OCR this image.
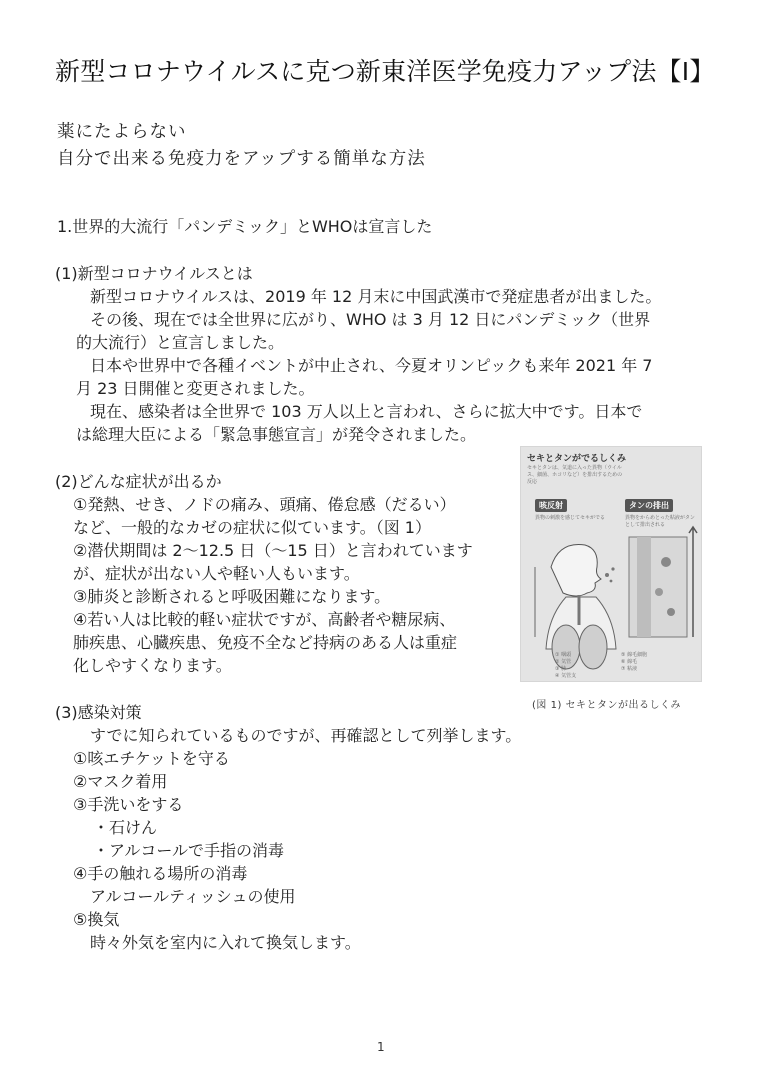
新型コロナウイルスに克つ新東洋医学免疫力アップ法【Ⅰ】
薬にたよらない
自分で出来る免疫力をアップする簡単な方法
1.世界的大流行「パンデミック」とWHOは宣言した
(1)新型コロナウイルスとは
新型コロナウイルスは、2019 年 12 月末に中国武漢市で発症患者が出ました。
その後、現在では全世界に広がり、WHO は 3 月 12 日にパンデミック（世界
的大流行）と宣言しました。
日本や世界中で各種イベントが中止され、今夏オリンピックも来年 2021 年 7
月 23 日開催と変更されました。
現在、感染者は全世界で 103 万人以上と言われ、さらに拡大中です。日本で
は総理大臣による「緊急事態宣言」が発令されました。
(2)どんな症状が出るか
①発熱、せき、ノドの痛み、頭痛、倦怠感（だるい）
など、一般的なカゼの症状に似ています。（図 1）
②潜伏期間は 2～12.5 日（～15 日）と言われています
が、症状が出ない人や軽い人もいます。
③肺炎と診断されると呼吸困難になります。
④若い人は比較的軽い症状ですが、高齢者や糖尿病、
肺疾患、心臓疾患、免疫不全など持病のある人は重症
化しやすくなります。
セキとタンがでるしくみ
セキとタンは、気道に入った異物（ウイルス、細菌、ホコリなど）を排出するための反応
咳反射	タンの排出
異物の刺激を感じてセキがでる	異物をからめとった粘液がタンとして排出される
① 咽頭
② 気管
③ 肺
④ 気管支
⑤ 線毛細胞
⑥ 線毛
⑦ 粘液
(図 1) セキとタンが出るしくみ
(3)感染対策
すでに知られているものですが、再確認として列挙します。
①咳エチケットを守る
②マスク着用
③手洗いをする
・石けん
・アルコールで手指の消毒
④手の触れる場所の消毒
アルコールティッシュの使用
⑤換気
時々外気を室内に入れて換気します。
1
